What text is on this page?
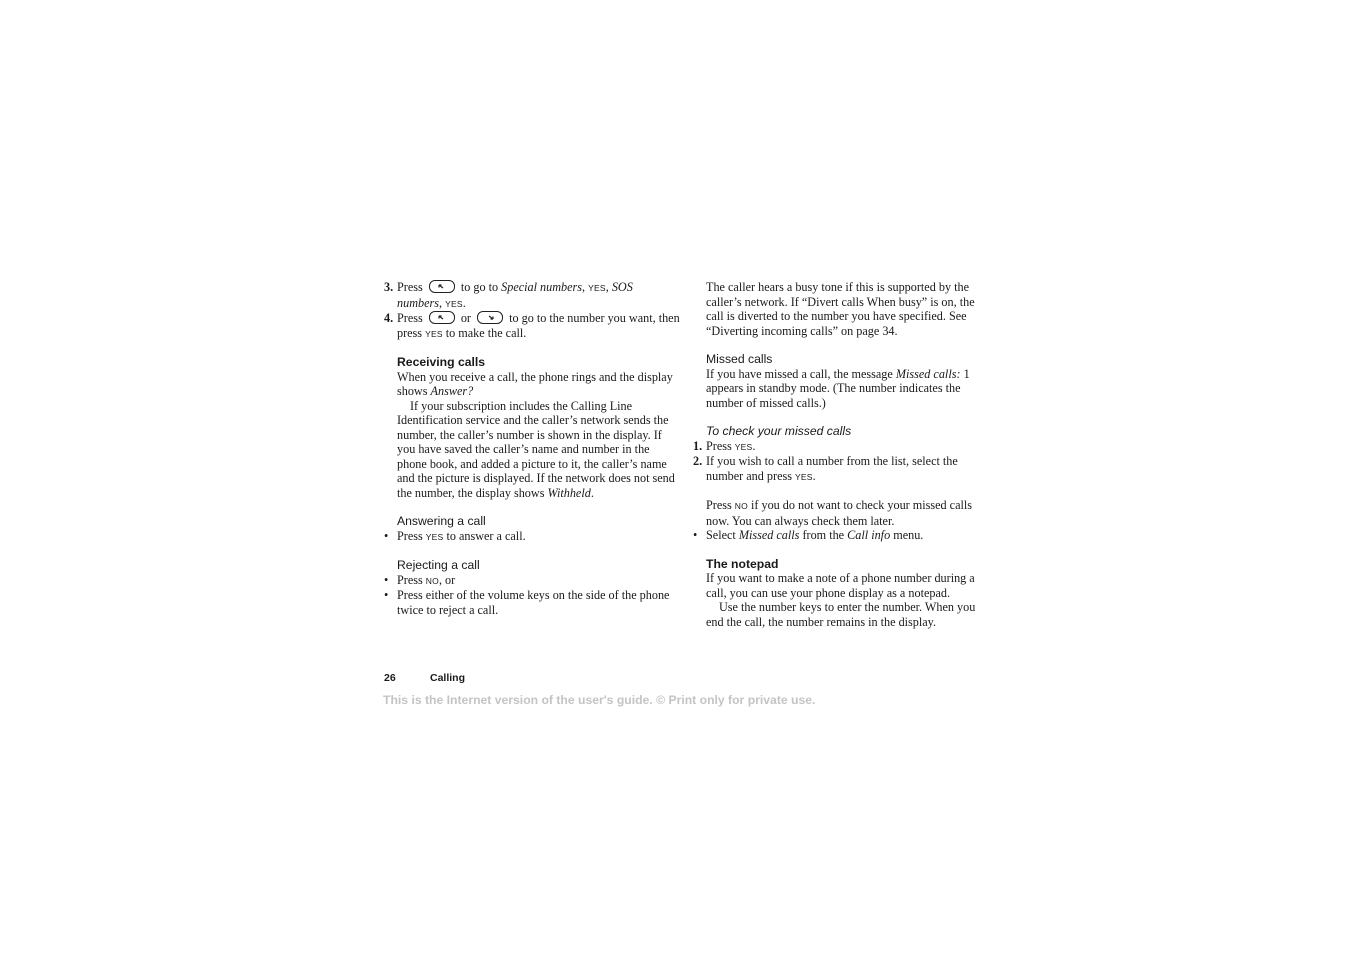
3. Press	to go to Special numbers, YES, SOS numbers, YES.

4. Press	or	to go to the number you want, then press YES to make the call.

Receiving calls

When you receive a call, the phone rings and the display shows Answer?

If your subscription includes the Calling Line Identification service and the caller’s network sends the number, the caller’s number is shown in the display. If you have saved the caller’s name and number in the phone book, and added a picture to it, the caller’s name and the picture is displayed. If the network does not send the number, the display shows Withheld.

Answering a call

• Press YES to answer a call.

Rejecting a call

• Press NO, or

• Press either of the volume keys on the side of the phone twice to reject a call.

The caller hears a busy tone if this is supported by the caller’s network. If “Divert calls When busy” is on, the call is diverted to the number you have specified. See “Diverting incoming calls” on page 34.

Missed calls

If you have missed a call, the message Missed calls: 1 appears in standby mode. (The number indicates the number of missed calls.)

To check your missed calls

1. Press YES.

2. If you wish to call a number from the list, select the number and press YES.

Press NO if you do not want to check your missed calls now. You can always check them later.

• Select Missed calls from the Call info menu.

The notepad

If you want to make a note of a phone number during a call, you can use your phone display as a notepad.

Use the number keys to enter the number. When you end the call, the number remains in the display.

26	Calling
This is the Internet version of the user's guide. © Print only for private use.
